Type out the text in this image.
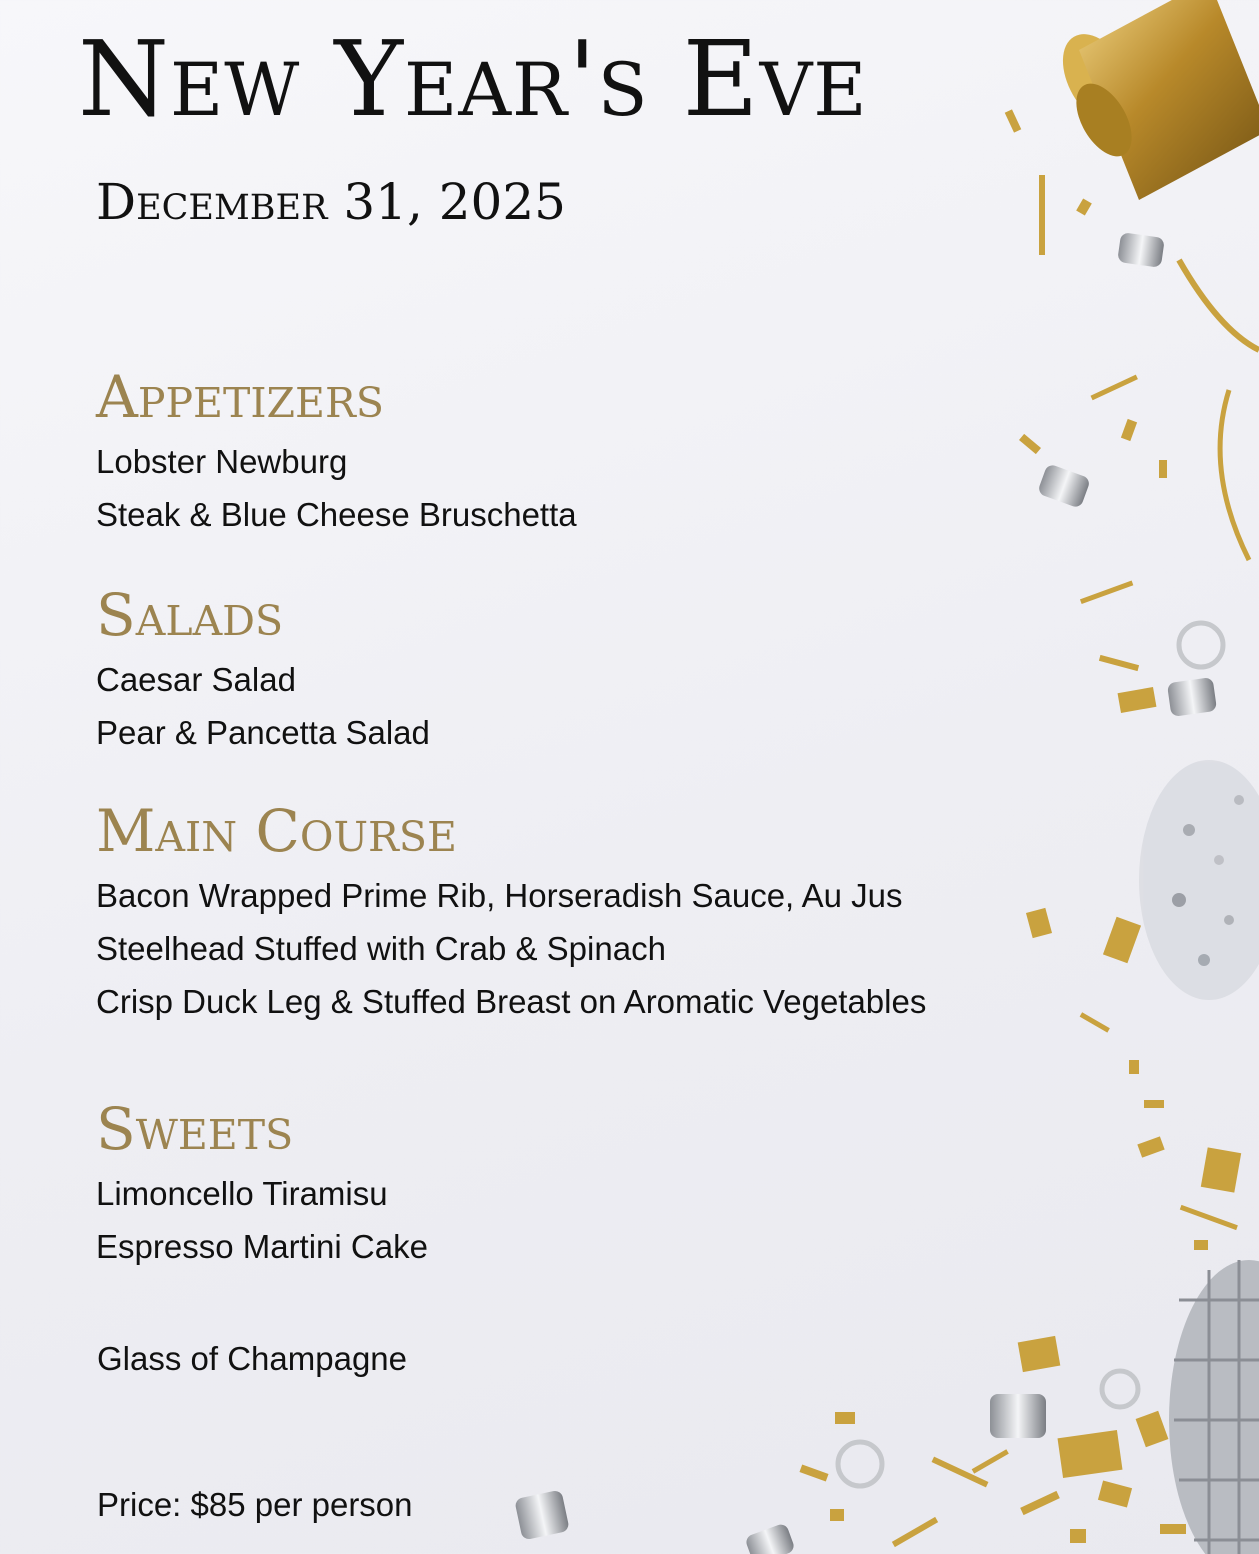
New Year's Eve
December 31, 2025
Appetizers
Lobster Newburg
Steak & Blue Cheese Bruschetta
Salads
Caesar Salad
Pear & Pancetta Salad
Main Course
Bacon Wrapped Prime Rib, Horseradish Sauce, Au Jus
Steelhead Stuffed with Crab & Spinach
Crisp Duck Leg & Stuffed Breast on Aromatic Vegetables
Sweets
Limoncello Tiramisu
Espresso Martini Cake

Glass of Champagne

Price: $85 per person
